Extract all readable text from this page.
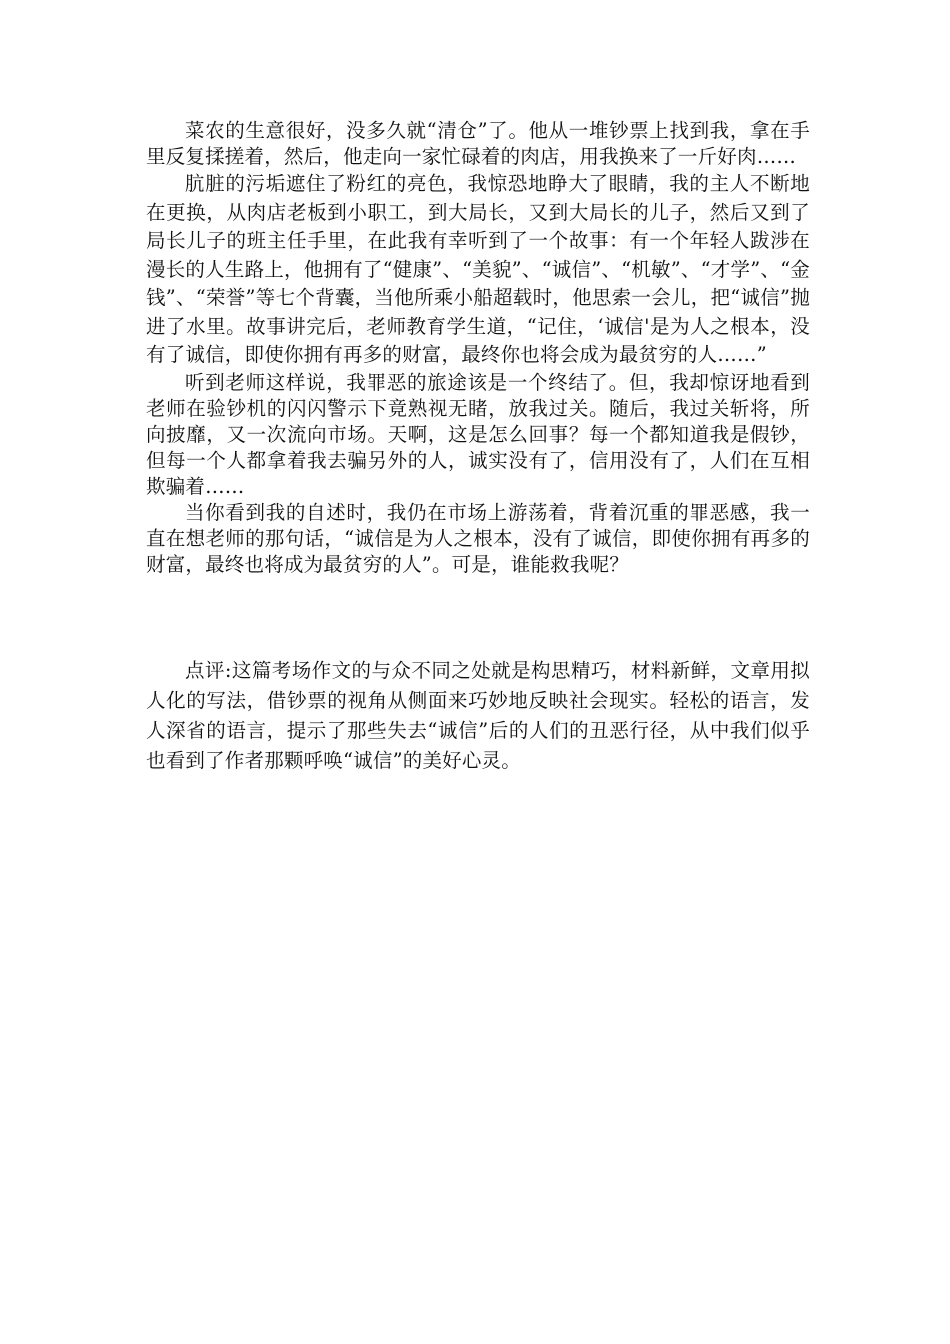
菜农的生意很好，没多久就“清仓”了。他从一堆钞票上找到我，拿在手里反复揉搓着，然后，他走向一家忙碌着的肉店，用我换来了一斤好肉……

肮脏的污垢遮住了粉红的亮色，我惊恐地睁大了眼睛，我的主人不断地在更换，从肉店老板到小职工，到大局长，又到大局长的儿子，然后又到了局长儿子的班主任手里，在此我有幸听到了一个故事：有一个年轻人跋涉在漫长的人生路上，他拥有了“健康”、“美貌”、“诚信”、“机敏”、“才学”、“金钱”、“荣誉”等七个背囊，当他所乘小船超载时，他思索一会儿，把“诚信”抛进了水里。故事讲完后，老师教育学生道，“记住，‘诚信'是为人之根本，没有了诚信，即使你拥有再多的财富，最终你也将会成为最贫穷的人……”

听到老师这样说，我罪恶的旅途该是一个终结了。但，我却惊讶地看到老师在验钞机的闪闪警示下竟熟视无睹，放我过关。随后，我过关斩将，所向披靡，又一次流向市场。天啊，这是怎么回事？每一个都知道我是假钞，但每一个人都拿着我去骗另外的人，诚实没有了，信用没有了，人们在互相欺骗着……

当你看到我的自述时，我仍在市场上游荡着，背着沉重的罪恶感，我一直在想老师的那句话，“诚信是为人之根本，没有了诚信，即使你拥有再多的财富，最终也将成为最贫穷的人”。可是，谁能救我呢？

点评:这篇考场作文的与众不同之处就是构思精巧，材料新鲜，文章用拟人化的写法，借钞票的视角从侧面来巧妙地反映社会现实。轻松的语言，发人深省的语言，提示了那些失去“诚信”后的人们的丑恶行径，从中我们似乎也看到了作者那颗呼唤“诚信”的美好心灵。
